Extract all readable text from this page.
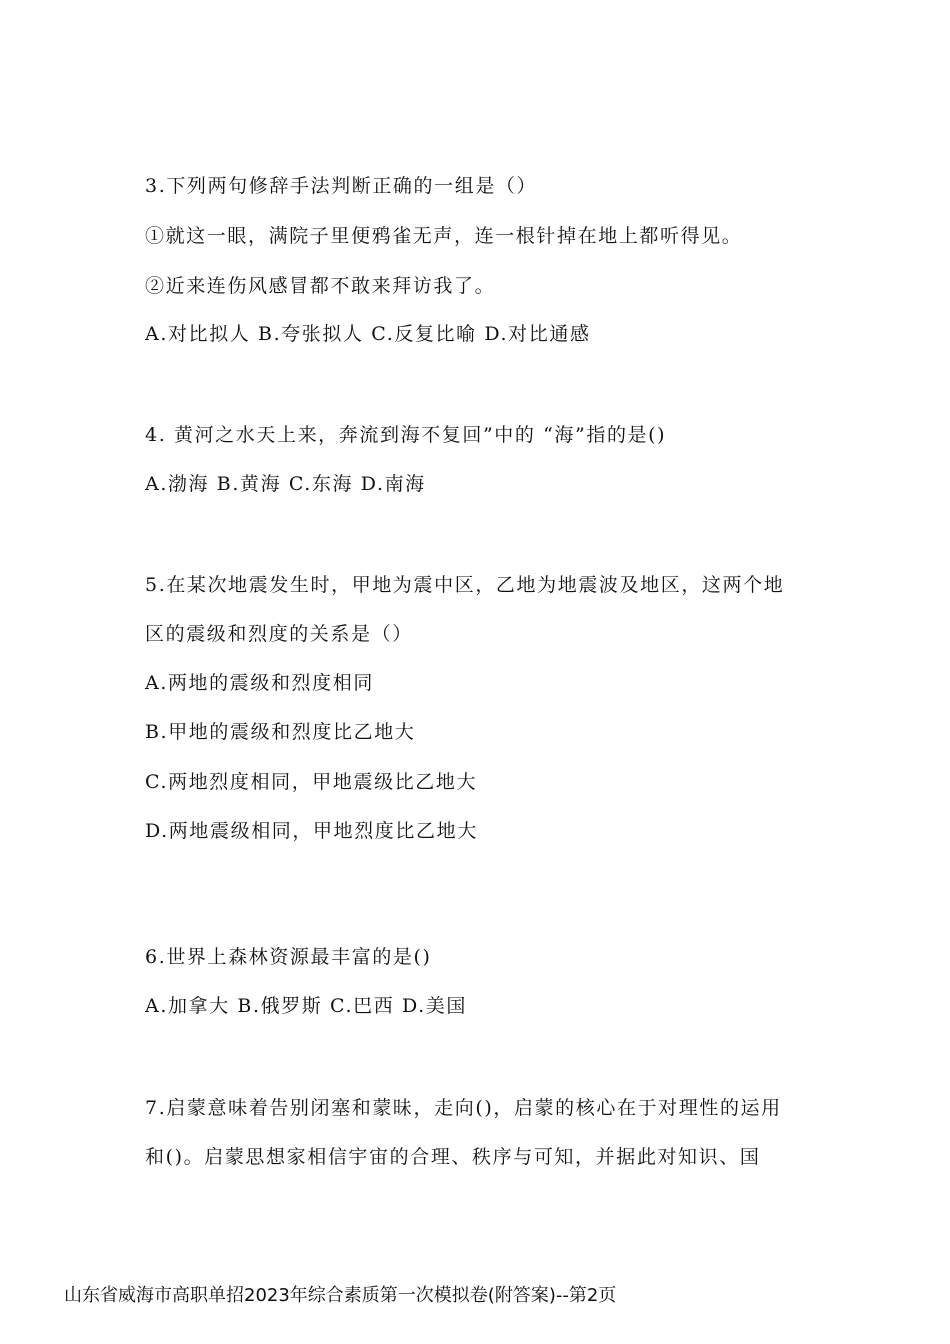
3.下列两句修辞手法判断正确的一组是（）
①就这一眼，满院子里便鸦雀无声，连一根针掉在地上都听得见。
②近来连伤风感冒都不敢来拜访我了。
A.对比拟人 B.夸张拟人 C.反复比喻 D.对比通感
4. 黄河之水天上来，奔流到海不复回”中的 “海”指的是()
A.渤海 B.黄海 C.东海 D.南海
5.在某次地震发生时，甲地为震中区，乙地为地震波及地区，这两个地
区的震级和烈度的关系是（）
A.两地的震级和烈度相同
B.甲地的震级和烈度比乙地大
C.两地烈度相同，甲地震级比乙地大
D.两地震级相同，甲地烈度比乙地大
6.世界上森林资源最丰富的是()
A.加拿大 B.俄罗斯 C.巴西 D.美国
7.启蒙意味着告别闭塞和蒙昧，走向()，启蒙的核心在于对理性的运用
和()。启蒙思想家相信宇宙的合理、秩序与可知，并据此对知识、国
山东省威海市高职单招2023年综合素质第一次模拟卷(附答案)--第2页
